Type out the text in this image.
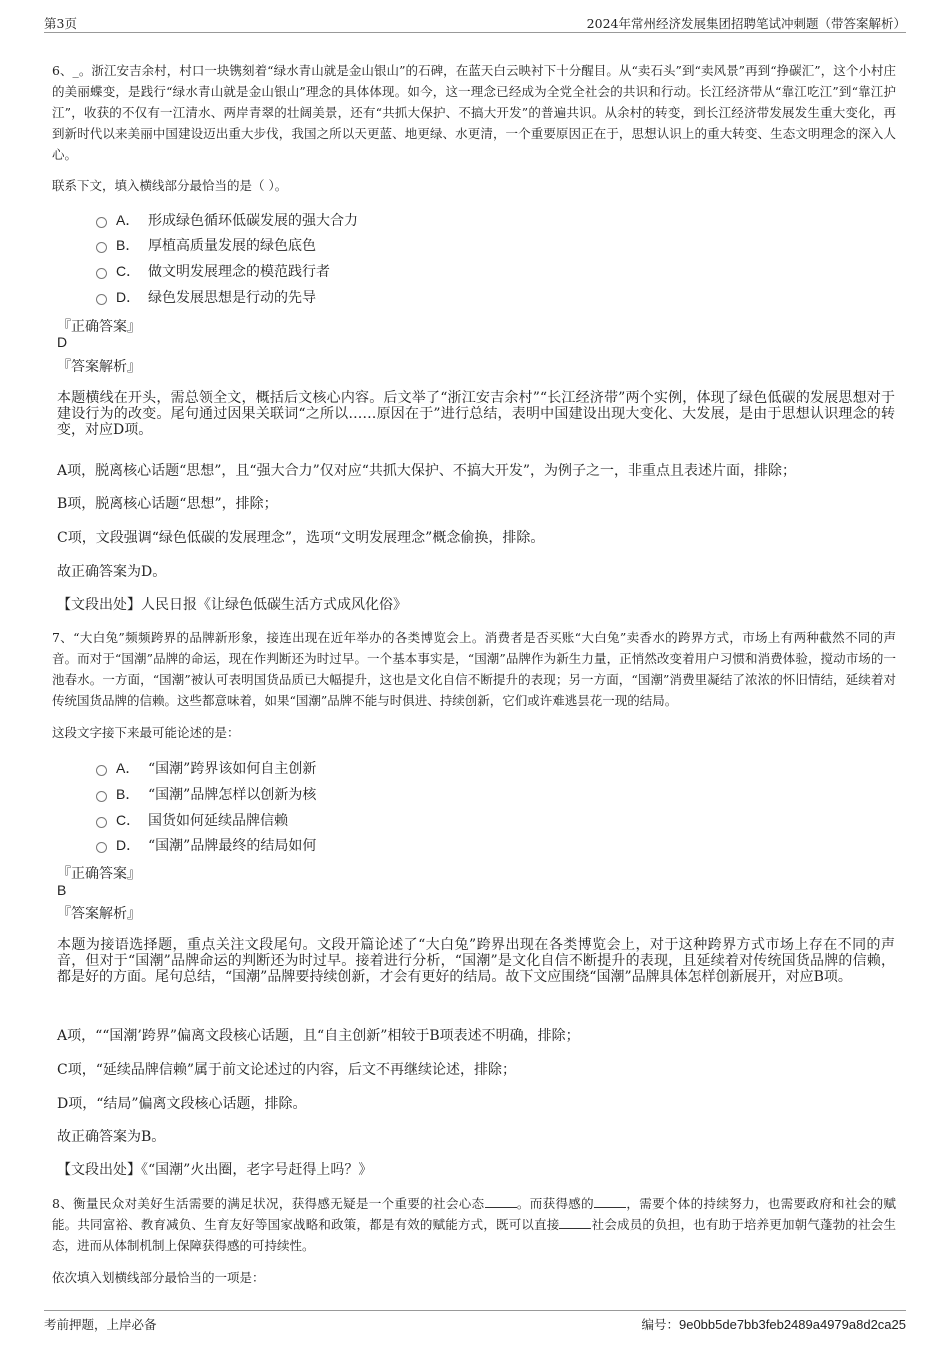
第3页	2024年常州经济发展集团招聘笔试冲刺题（带答案解析）

6、_。浙江安吉余村，村口一块镌刻着“绿水青山就是金山银山”的石碑，在蓝天白云映衬下十分醒目。从“卖石头”到“卖风景”再到“挣碳汇”，这个小村庄的美丽蝶变，是践行“绿水青山就是金山银山”理念的具体体现。如今，这一理念已经成为全党全社会的共识和行动。长江经济带从“靠江吃江”到“靠江护江”，收获的不仅有一江清水、两岸青翠的壮阔美景，还有“共抓大保护、不搞大开发”的普遍共识。从余村的转变，到长江经济带发展发生重大变化，再到新时代以来美丽中国建设迈出重大步伐，我国之所以天更蓝、地更绿、水更清，一个重要原因正在于，思想认识上的重大转变、生态文明理念的深入人心。

联系下文，填入横线部分最恰当的是（ ）。

A． 形成绿色循环低碳发展的强大合力
B． 厚植高质量发展的绿色底色
C． 做文明发展理念的模范践行者
D． 绿色发展思想是行动的先导

『正确答案』

D

『答案解析』

本题横线在开头，需总领全文，概括后文核心内容。后文举了“浙江安吉余村”“长江经济带”两个实例，体现了绿色低碳的发展思想对于建设行为的改变。尾句通过因果关联词“之所以……原因在于”进行总结，表明中国建设出现大变化、大发展，是由于思想认识理念的转变，对应D项。

A项，脱离核心话题“思想”，且“强大合力”仅对应“共抓大保护、不搞大开发”，为例子之一，非重点且表述片面，排除；

B项，脱离核心话题“思想”，排除；

C项，文段强调“绿色低碳的发展理念”，选项“文明发展理念”概念偷换，排除。

故正确答案为D。

【文段出处】人民日报《让绿色低碳生活方式成风化俗》

7、“大白兔”频频跨界的品牌新形象，接连出现在近年举办的各类博览会上。消费者是否买账“大白兔”卖香水的跨界方式，市场上有两种截然不同的声音。而对于“国潮”品牌的命运，现在作判断还为时过早。一个基本事实是，“国潮”品牌作为新生力量，正悄然改变着用户习惯和消费体验，搅动市场的一池春水。一方面，“国潮”被认可表明国货品质已大幅提升，这也是文化自信不断提升的表现；另一方面，“国潮”消费里凝结了浓浓的怀旧情结，延续着对传统国货品牌的信赖。这些都意味着，如果“国潮”品牌不能与时俱进、持续创新，它们或许难逃昙花一现的结局。

这段文字接下来最可能论述的是：

A． “国潮”跨界该如何自主创新
B． “国潮”品牌怎样以创新为核
C． 国货如何延续品牌信赖
D． “国潮”品牌最终的结局如何

『正确答案』

B

『答案解析』

本题为接语选择题，重点关注文段尾句。文段开篇论述了“大白兔”跨界出现在各类博览会上，对于这种跨界方式市场上存在不同的声音，但对于“国潮”品牌命运的判断还为时过早。接着进行分析，“国潮”是文化自信不断提升的表现，且延续着对传统国货品牌的信赖，都是好的方面。尾句总结，“国潮”品牌要持续创新，才会有更好的结局。故下文应围绕“国潮”品牌具体怎样创新展开，对应B项。

A项，““国潮’跨界”偏离文段核心话题，且“自主创新”相较于B项表述不明确，排除；

C项，“延续品牌信赖”属于前文论述过的内容，后文不再继续论述，排除；

D项，“结局”偏离文段核心话题，排除。

故正确答案为B。

【文段出处】《“国潮”火出圈，老字号赶得上吗？》

8、衡量民众对美好生活需要的满足状况，获得感无疑是一个重要的社会心态	。而获得感的	，需要个体的持续努力，也需要政府和社会的赋能。共同富裕、教育减负、生育友好等国家战略和政策，都是有效的赋能方式，既可以直接	社会成员的负担，也有助于培养更加朝气蓬勃的社会生态，进而从体制机制上保障获得感的可持续性。

依次填入划横线部分最恰当的一项是：

考前押题，上岸必备	编号：9e0bb5de7bb3feb2489a4979a8d2ca25
